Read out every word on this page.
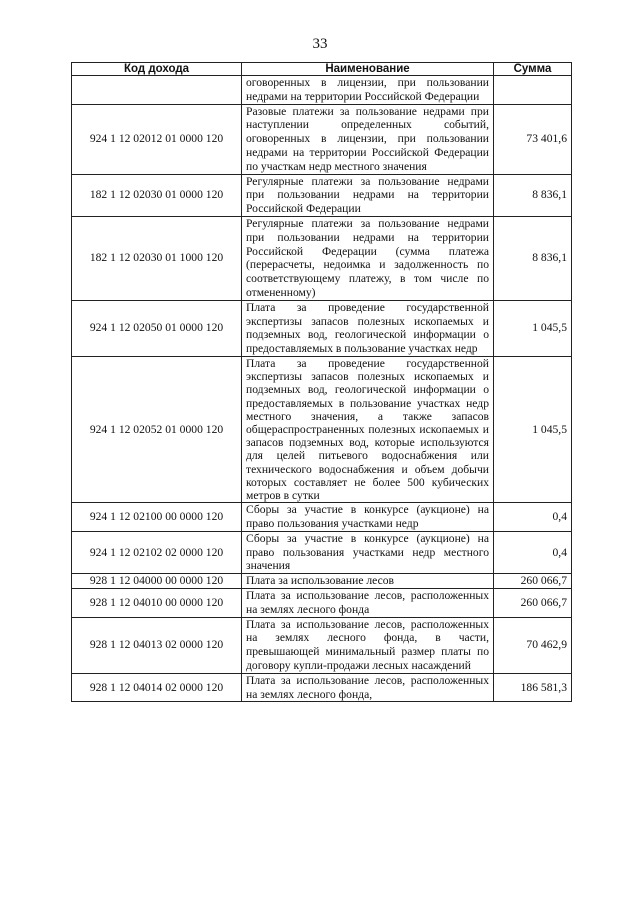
33
Код дохода	Наименование	Сумма
	оговоренных в лицензии, при пользовании недрами на территории Российской Федерации	
924 1 12 02012 01 0000 120	Разовые платежи за пользование недрами при наступлении определенных событий, оговоренных в лицензии, при пользовании недрами на территории Российской Федерации по участкам недр местного значения	73 401,6
182 1 12 02030 01 0000 120	Регулярные платежи за пользование недрами при пользовании недрами на территории Российской Федерации	8 836,1
182 1 12 02030 01 1000 120	Регулярные платежи за пользование недрами при пользовании недрами на территории Российской Федерации (сумма платежа (перерасчеты, недоимка и задолженность по соответствующему платежу, в том числе по отмененному)	8 836,1
924 1 12 02050 01 0000 120	Плата за проведение государственной экспертизы запасов полезных ископаемых и подземных вод, геологической информации о предоставляемых в пользование участках недр	1 045,5
924 1 12 02052 01 0000 120	Плата за проведение государственной экспертизы запасов полезных ископаемых и подземных вод, геологической информации о предоставляемых в пользование участках недр местного значения, а также запасов общераспространенных полезных ископаемых и запасов подземных вод, которые используются для целей питьевого водоснабжения или технического водоснабжения и объем добычи которых составляет не более 500 кубических метров в сутки	1 045,5
924 1 12 02100 00 0000 120	Сборы за участие в конкурсе (аукционе) на право пользования участками недр	0,4
924 1 12 02102 02 0000 120	Сборы за участие в конкурсе (аукционе) на право пользования участками недр местного значения	0,4
928 1 12 04000 00 0000 120	Плата за использование лесов	260 066,7
928 1 12 04010 00 0000 120	Плата за использование лесов, расположенных на землях лесного фонда	260 066,7
928 1 12 04013 02 0000 120	Плата за использование лесов, расположенных на землях лесного фонда, в части, превышающей минимальный размер платы по договору купли-продажи лесных насаждений	70 462,9
928 1 12 04014 02 0000 120	Плата за использование лесов, расположенных на землях лесного фонда,	186 581,3
